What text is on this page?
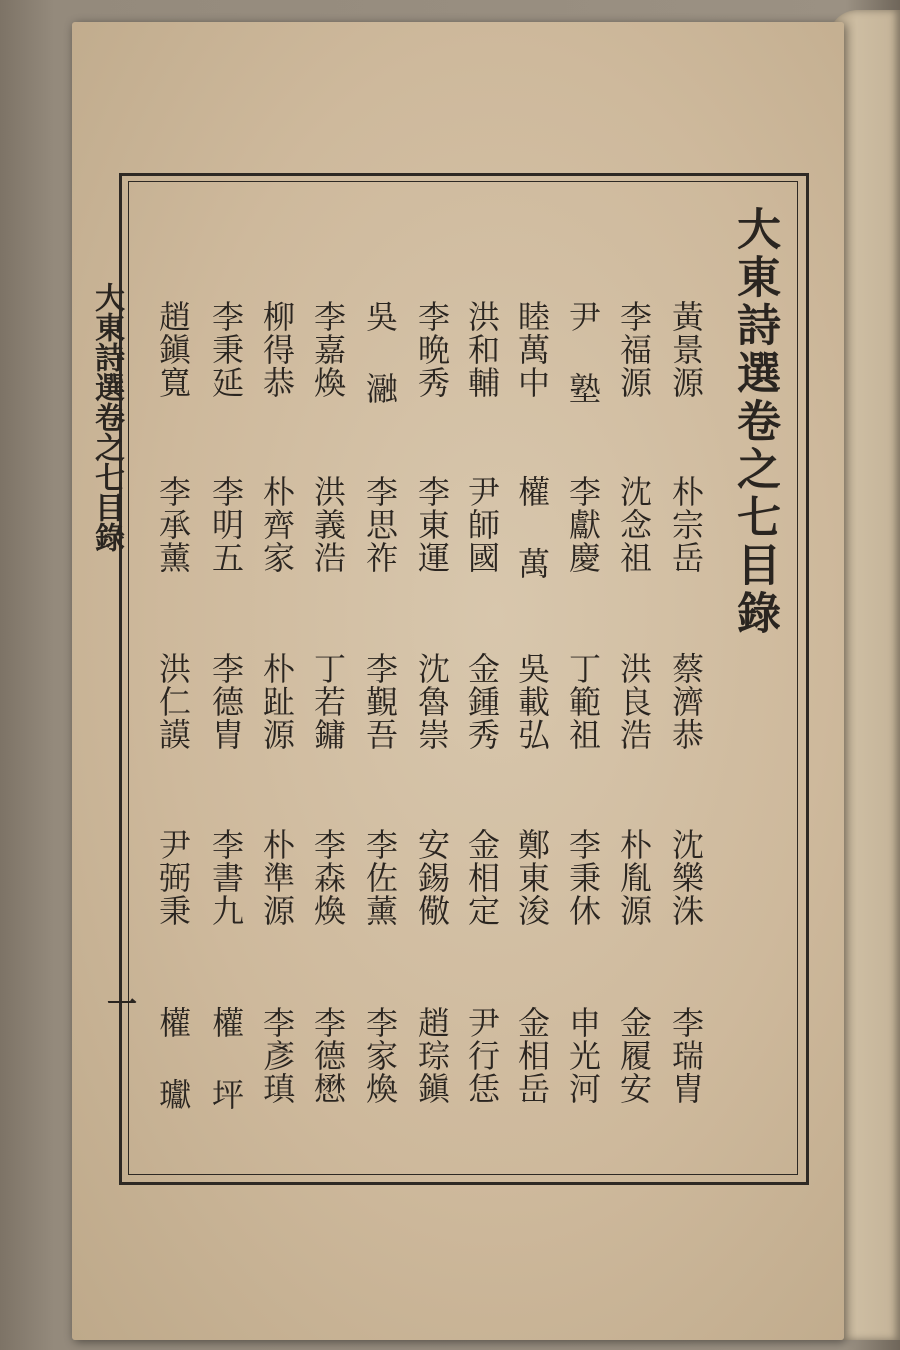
大東詩選卷之七目錄
大東詩選卷之七目錄
一
黃景源
朴宗岳
蔡濟恭
沈樂洙
李瑞胄
李福源
沈念祖
洪良浩
朴胤源
金履安
尹 塾
李獻慶
丁範祖
李秉休
申光河
睦萬中
權 萬
吳載弘
鄭東浚
金相岳
洪和輔
尹師國
金鍾秀
金相定
尹行恁
李晩秀
李東運
沈魯崇
安錫儆
趙琮鎭
吳 瀜
李思祚
李覲吾
李佐薰
李家煥
李嘉煥
洪義浩
丁若鏞
李森煥
李德懋
柳得恭
朴齊家
朴趾源
朴準源
李彥瑱
李秉延
李明五
李德胄
李書九
權 坪
趙鎭寬
李承薰
洪仁謨
尹弼秉
權 瓛
